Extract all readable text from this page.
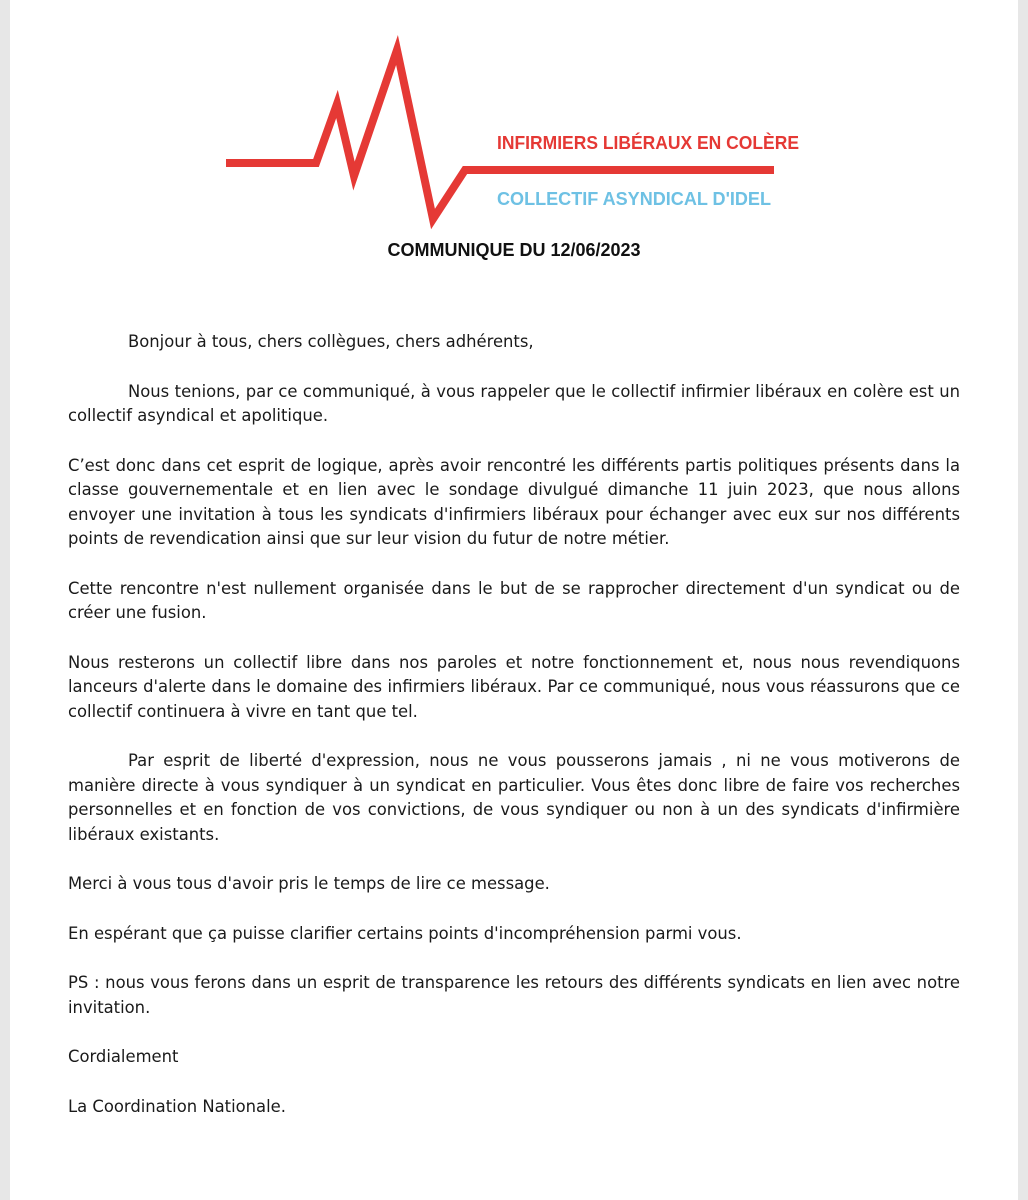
INFIRMIERS LIBÉRAUX EN COLÈRE
COLLECTIF ASYNDICAL D'IDEL
COMMUNIQUE DU 12/06/2023

Bonjour à tous, chers collègues, chers adhérents,

Nous tenions, par ce communiqué, à vous rappeler que le collectif infirmier libéraux en colère est un collectif asyndical et apolitique.

C’est donc dans cet esprit de logique, après avoir rencontré les différents partis politiques présents dans la classe gouvernementale et en lien avec le sondage divulgué dimanche 11 juin 2023, que nous allons envoyer une invitation à tous les syndicats d'infirmiers libéraux pour échanger avec eux sur nos différents points de revendication ainsi que sur leur vision du futur de notre métier.

Cette rencontre n'est nullement organisée dans le but de se rapprocher directement d'un syndicat ou de créer une fusion.

Nous resterons un collectif libre dans nos paroles et notre fonctionnement et, nous nous revendiquons lanceurs d'alerte dans le domaine des infirmiers libéraux. Par ce communiqué, nous vous réassurons que ce collectif continuera à vivre en tant que tel.

Par esprit de liberté d'expression, nous ne vous pousserons jamais , ni ne vous motiverons de manière directe à vous syndiquer à un syndicat en particulier. Vous êtes donc libre de faire vos recherches personnelles et en fonction de vos convictions, de vous syndiquer ou non à un des syndicats d'infirmière libéraux existants.

Merci à vous tous d'avoir pris le temps de lire ce message.

En espérant que ça puisse clarifier certains points d'incompréhension parmi vous.

PS : nous vous ferons dans un esprit de transparence les retours des différents syndicats en lien avec notre invitation.

Cordialement

La Coordination Nationale.
